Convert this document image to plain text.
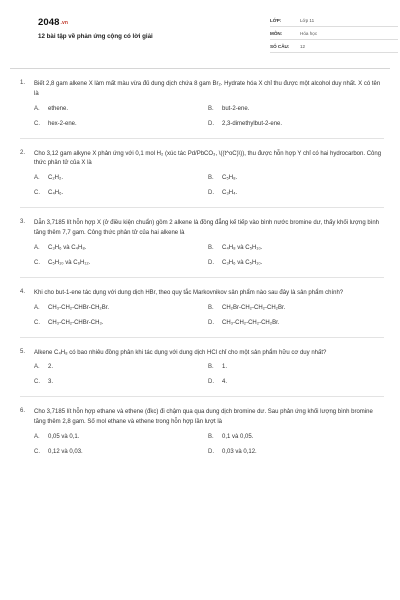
2048.vn
12 bài tập về phản ứng cộng có lời giải
LỚP:	Lớp 11
MÔN:	Hóa học
SỐ CÂU:	12
1.	Biết 2,8 gam alkene X làm mất màu vừa đủ dung dịch chứa 8 gam Br₂. Hydrate hóa X chỉ thu được một alcohol duy nhất. X có tên là
A.	ethene.	B.	but-2-ene.
C.	hex-2-ene.	D.	2,3-dimethylbut-2-ene.
2.	Cho 3,12 gam alkyne X phản ứng với 0,1 mol H₂ (xúc tác Pd/PbCO₃, \((t^oC)\)), thu được hỗn hợp Y chỉ có hai hydrocarbon. Công thức phân tử của X là
A.	C₂H₂.	B.	C₅H₈.
C.	C₄H₆.	D.	C₃H₄.
3.	Dẫn 3,7185 lít hỗn hợp X (ở điều kiện chuẩn) gồm 2 alkene là đồng đẳng kế tiếp vào bình nước bromine dư, thấy khối lượng bình tăng thêm 7,7 gam. Công thức phân tử của hai alkene là
A.	C₃H₆ và C₄H₈.	B.	C₄H₈ và C₅H₁₀.
C.	C₅H₁₀ và C₆H₁₂.	D.	C₃H₆ và C₅H₁₀.
4.	Khi cho but-1-ene tác dụng với dung dịch HBr, theo quy tắc Markovnikov sản phẩm nào sau đây là sản phẩm chính?
A.	CH₃-CH₂-CHBr-CH₂Br.	B.	CH₂Br-CH₂-CH₂-CH₂Br.
C.	CH₃-CH₂-CHBr-CH₃.	D.	CH₃-CH₂-CH₂-CH₂Br.
5.	Alkene C₄H₈ có bao nhiêu đồng phân khi tác dụng với dung dịch HCl chỉ cho một sản phẩm hữu cơ duy nhất?
A.	2.	B.	1.
C.	3.	D.	4.
6.	Cho 3,7185 lít hỗn hợp ethane và ethene (đkc) đi chậm qua qua dung dịch bromine dư. Sau phản ứng khối lượng bình bromine tăng thêm 2,8 gam. Số mol ethane và ethene trong hỗn hợp lần lượt là
A.	0,05 và 0,1.	B.	0,1 và 0,05.
C.	0,12 và 0,03.	D.	0,03 và 0,12.
